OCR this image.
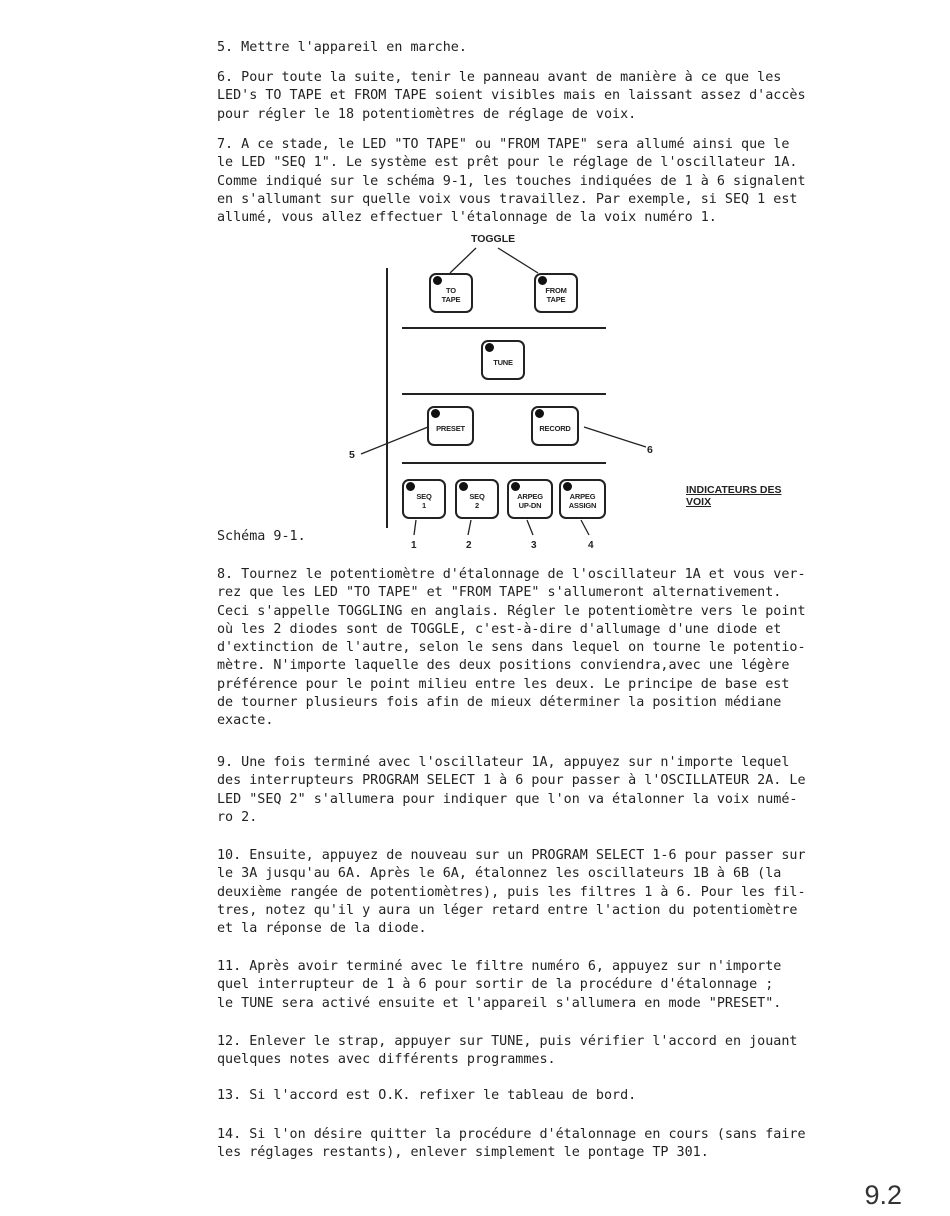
5. Mettre l'appareil en marche.

6. Pour toute la suite, tenir le panneau avant de manière à ce que les

LED's TO TAPE et FROM TAPE soient visibles mais en laissant assez d'accès

pour régler le 18 potentiomètres de réglage de voix.

7. A ce stade, le LED "TO TAPE" ou "FROM TAPE" sera allumé ainsi que le

le LED "SEQ 1". Le système est prêt pour le réglage de l'oscillateur 1A.

Comme indiqué sur le schéma 9-1, les touches indiquées de 1 à 6 signalent

en s'allumant sur quelle voix vous travaillez. Par exemple, si SEQ 1 est

allumé, vous allez effectuer l'étalonnage de la voix numéro 1.

TOGGLE
TO
TAPE
FROM
TAPE
TUNE
PRESET	RECORD
5	6
SEQ
1
SEQ
2
ARPEG
UP-DN
ARPEG
ASSIGN
1	2	3	4
INDICATEURS DES
VOIX
Schéma 9-1.

8. Tournez le potentiomètre d'étalonnage de l'oscillateur 1A et vous ver-

rez que les LED "TO TAPE" et "FROM TAPE" s'allumeront alternativement.

Ceci s'appelle TOGGLING en anglais. Régler le potentiomètre vers le point

où les 2 diodes sont de TOGGLE, c'est-à-dire d'allumage d'une diode et

d'extinction de l'autre, selon le sens dans lequel on tourne le potentio-

mètre. N'importe laquelle des deux positions conviendra,avec une légère

préférence pour le point milieu entre les deux. Le principe de base est

de tourner plusieurs fois afin de mieux déterminer la position médiane

exacte.

9. Une fois terminé avec l'oscillateur 1A, appuyez sur n'importe lequel

des interrupteurs PROGRAM SELECT 1 à 6 pour passer à l'OSCILLATEUR 2A. Le

LED "SEQ 2" s'allumera pour indiquer que l'on va étalonner la voix numé-

ro 2.

10. Ensuite, appuyez de nouveau sur un PROGRAM SELECT 1-6 pour passer sur

le 3A jusqu'au 6A. Après le 6A, étalonnez les oscillateurs 1B à 6B (la

deuxième rangée de potentiomètres), puis les filtres 1 à 6. Pour les fil-

tres, notez qu'il y aura un léger retard entre l'action du potentiomètre

et la réponse de la diode.

11. Après avoir terminé avec le filtre numéro 6, appuyez sur n'importe

quel interrupteur de 1 à 6 pour sortir de la procédure d'étalonnage ;

le TUNE sera activé ensuite et l'appareil s'allumera en mode "PRESET".

12. Enlever le strap, appuyer sur TUNE, puis vérifier l'accord en jouant

quelques notes avec différents programmes.

13. Si l'accord est O.K. refixer le tableau de bord.

14. Si l'on désire quitter la procédure d'étalonnage en cours (sans faire

les réglages restants), enlever simplement le pontage TP 301.

9.2
